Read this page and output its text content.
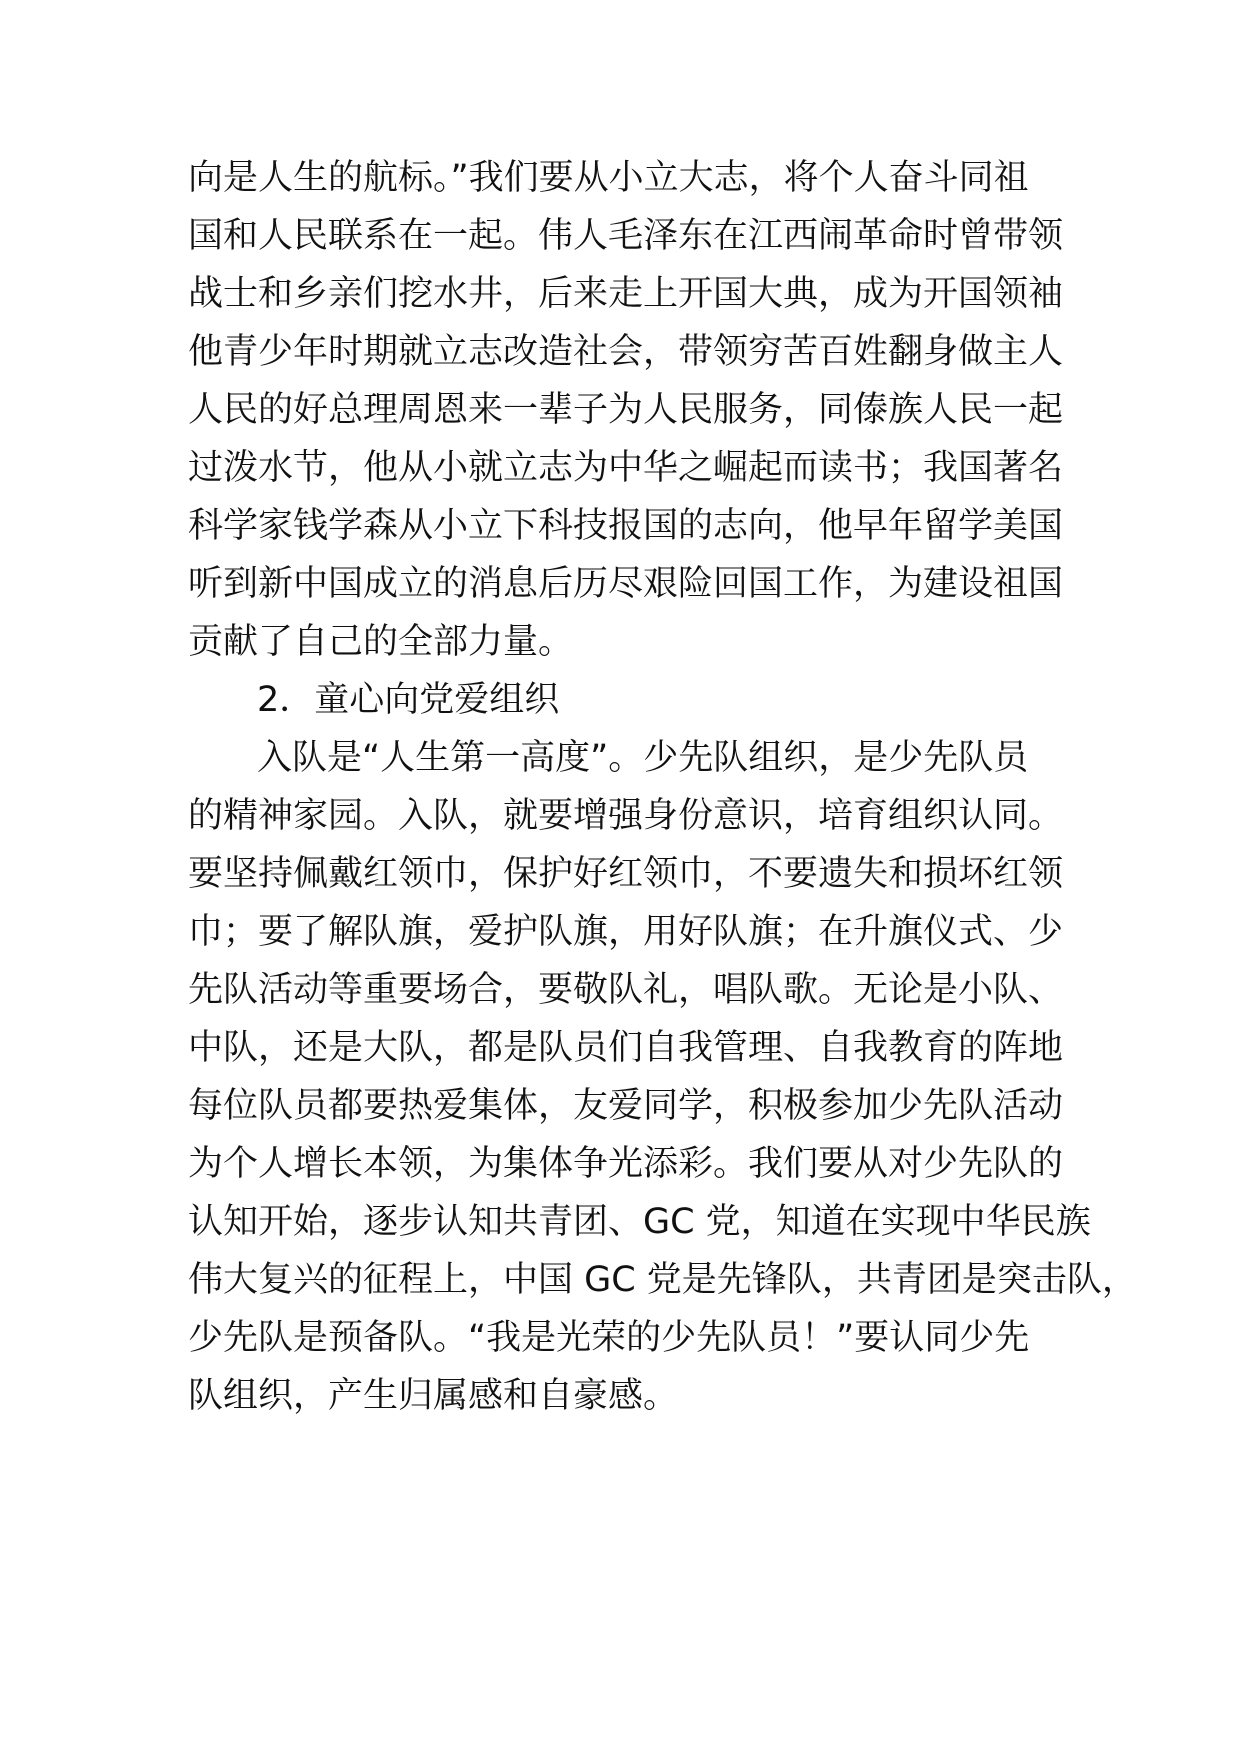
向是人生的航标。”我们要从小立大志，将个人奋斗同祖
国和人民联系在一起。伟人毛泽东在江西闹革命时曾带领
战士和乡亲们挖水井，后来走上开国大典，成为开国领袖
他青少年时期就立志改造社会，带领穷苦百姓翻身做主人
人民的好总理周恩来一辈子为人民服务，同傣族人民一起
过泼水节，他从小就立志为中华之崛起而读书；我国著名
科学家钱学森从小立下科技报国的志向，他早年留学美国
听到新中国成立的消息后历尽艰险回国工作，为建设祖国
贡献了自己的全部力量。
2．童心向党爱组织
入队是“人生第一高度”。少先队组织，是少先队员
的精神家园。入队，就要增强身份意识，培育组织认同。
要坚持佩戴红领巾，保护好红领巾，不要遗失和损坏红领
巾；要了解队旗，爱护队旗，用好队旗；在升旗仪式、少
先队活动等重要场合，要敬队礼，唱队歌。无论是小队、
中队，还是大队，都是队员们自我管理、自我教育的阵地
每位队员都要热爱集体，友爱同学，积极参加少先队活动
为个人增长本领，为集体争光添彩。我们要从对少先队的
认知开始，逐步认知共青团、GC 党，知道在实现中华民族
伟大复兴的征程上，中国 GC 党是先锋队，共青团是突击队，
少先队是预备队。“我是光荣的少先队员！”要认同少先
队组织，产生归属感和自豪感。
